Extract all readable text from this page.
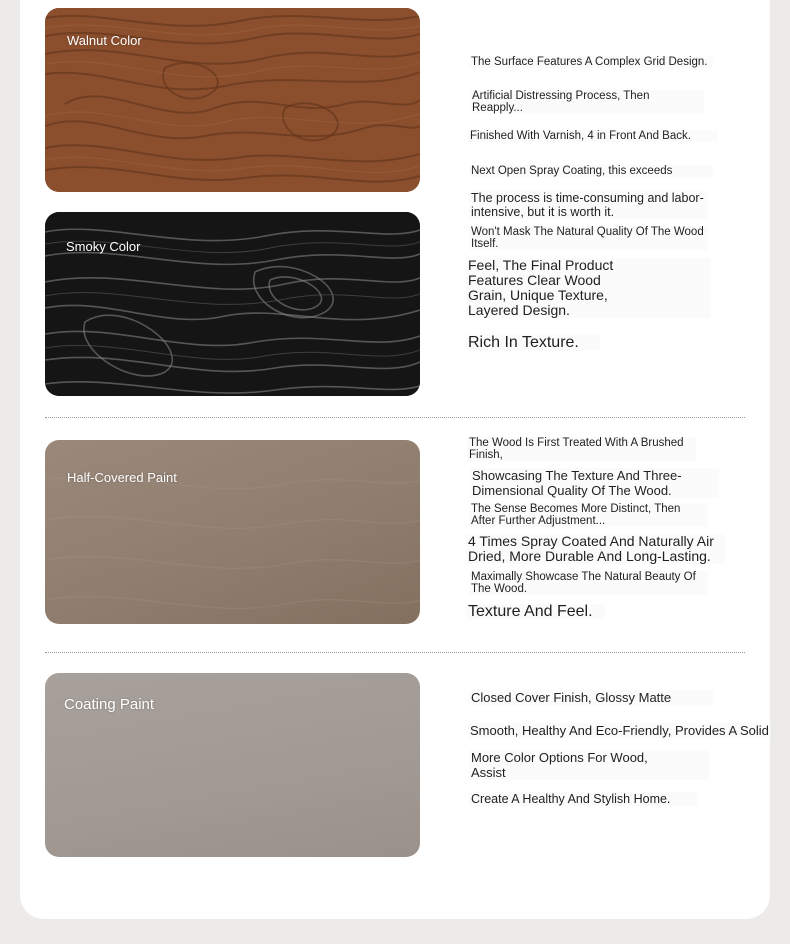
Walnut Color
Smoky Color

The Surface Features A Complex Grid Design.

Artificial Distressing Process, Then Reapply...

Finished With Varnish, 4 in Front And Back.

Next Open Spray Coating, this exceeds

The process is time-consuming and labor-intensive, but it is worth it.

Won't Mask The Natural Quality Of The Wood Itself.

Feel, The Final Product Features Clear Wood Grain, Unique Texture, Layered Design.

Rich In Texture.

Half-Covered Paint

The Wood Is First Treated With A Brushed Finish,

Showcasing The Texture And Three-Dimensional Quality Of The Wood.

The Sense Becomes More Distinct, Then After Further Adjustment...

4 Times Spray Coated And Naturally Air Dried, More Durable And Long-Lasting.

Maximally Showcase The Natural Beauty Of The Wood.

Texture And Feel.

Coating Paint	Closed Cover Finish, Glossy Matte

Smooth, Healthy And Eco-Friendly, Provides A Solid

More Color Options For Wood, Assist

Create A Healthy And Stylish Home.
